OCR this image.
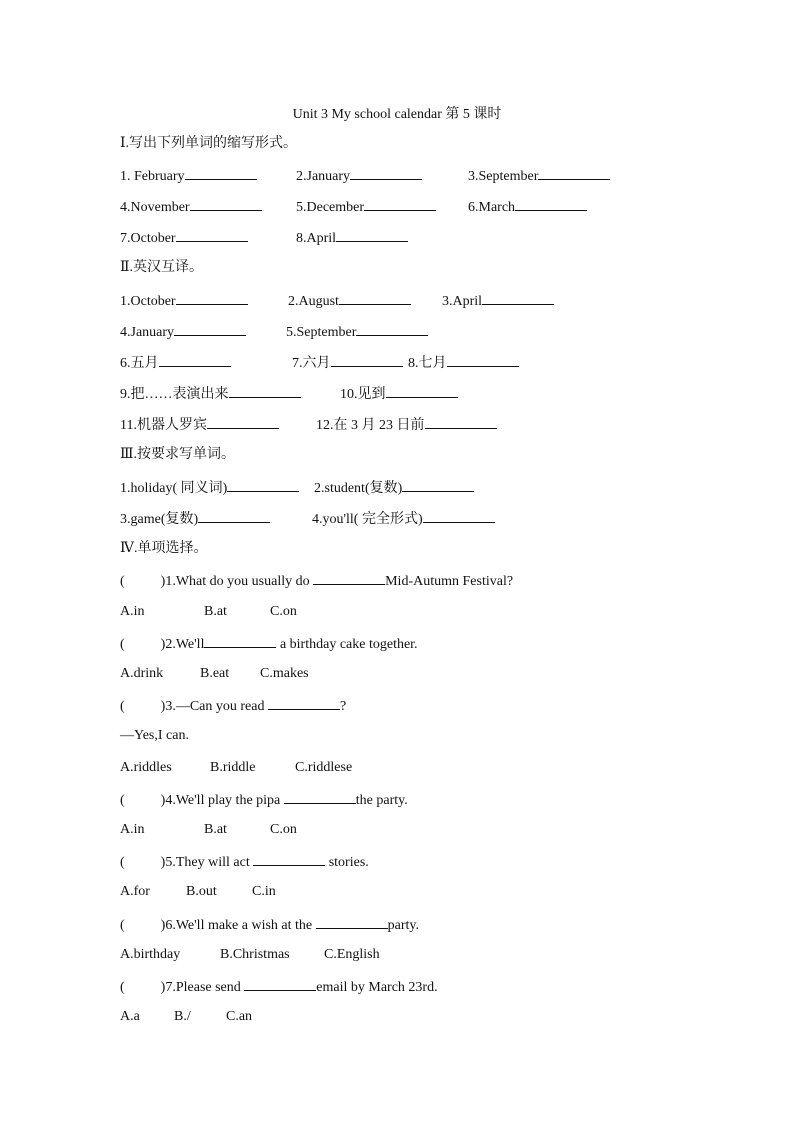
Unit 3 My school calendar 第 5 课时
Ⅰ.写出下列单词的缩写形式。
1. February	2.January	3.September
4.November	5.December	6.March
7.October	8.April
Ⅱ.英汉互译。
1.October	2.August	3.April
4.January	5.September
6.五月	7.六月	8.七月
9.把……表演出来	10.见到
11.机器人罗宾	12.在 3 月 23 日前
Ⅲ.按要求写单词。
1.holiday( 同义词)	2.student(复数)
3.game(复数)	4.you'll( 完全形式)
Ⅳ.单项选择。
(	)1.What do you usually do	Mid-Autumn Festival?
A.in	B.at	C.on
(	)2.We'll	a birthday cake together.
A.drink	B.eat C.makes
(	)3.—Can you read	?
—Yes,I can.
A.riddles	B.riddle	C.riddlese
(	)4.We'll play the pipa	the party.
A.in	B.at	C.on
(	)5.They will act	stories.
A.for	B.out	C.in
(	)6.We'll make a wish at the	party.
A.birthday	B.Christmas C.English
(	)7.Please send	email by March 23rd.
A.a B./	C.an
